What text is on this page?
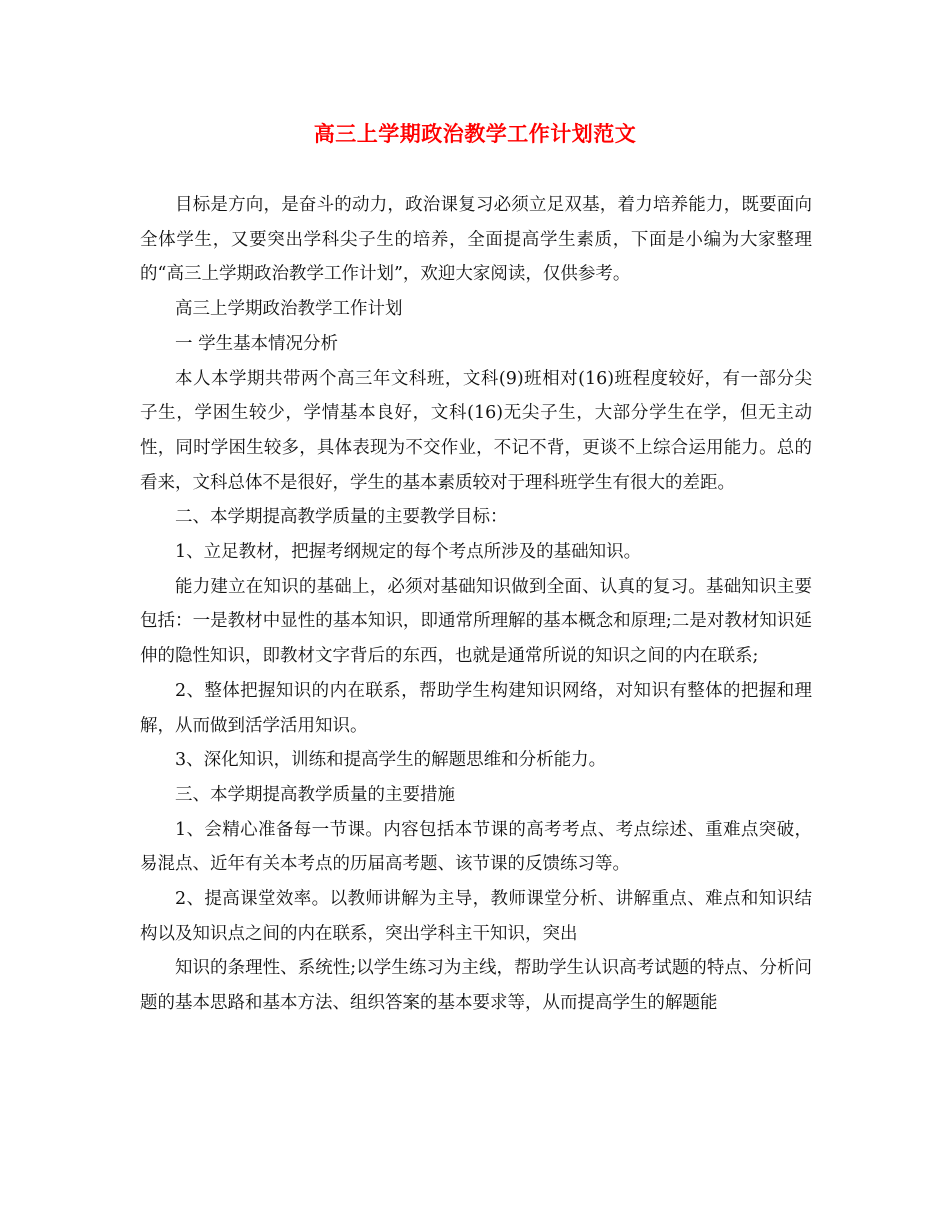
高三上学期政治教学工作计划范文

目标是方向，是奋斗的动力，政治课复习必须立足双基，着力培养能力，既要面向全体学生，又要突出学科尖子生的培养，全面提高学生素质，下面是小编为大家整理的“高三上学期政治教学工作计划”，欢迎大家阅读，仅供参考。

高三上学期政治教学工作计划

一 学生基本情况分析

本人本学期共带两个高三年文科班，文科(9)班相对(16)班程度较好，有一部分尖子生，学困生较少，学情基本良好，文科(16)无尖子生，大部分学生在学，但无主动性，同时学困生较多，具体表现为不交作业，不记不背，更谈不上综合运用能力。总的看来，文科总体不是很好，学生的基本素质较对于理科班学生有很大的差距。

二、本学期提高教学质量的主要教学目标：

1、立足教材，把握考纲规定的每个考点所涉及的基础知识。

能力建立在知识的基础上，必须对基础知识做到全面、认真的复习。基础知识主要包括：一是教材中显性的基本知识，即通常所理解的基本概念和原理;二是对教材知识延伸的隐性知识，即教材文字背后的东西，也就是通常所说的知识之间的内在联系;

2、整体把握知识的内在联系，帮助学生构建知识网络，对知识有整体的把握和理解，从而做到活学活用知识。

3、深化知识，训练和提高学生的解题思维和分析能力。

三、本学期提高教学质量的主要措施

1、会精心准备每一节课。内容包括本节课的高考考点、考点综述、重难点突破，易混点、近年有关本考点的历届高考题、该节课的反馈练习等。

2、提高课堂效率。以教师讲解为主导，教师课堂分析、讲解重点、难点和知识结构以及知识点之间的内在联系，突出学科主干知识，突出

知识的条理性、系统性;以学生练习为主线，帮助学生认识高考试题的特点、分析问题的基本思路和基本方法、组织答案的基本要求等，从而提高学生的解题能
